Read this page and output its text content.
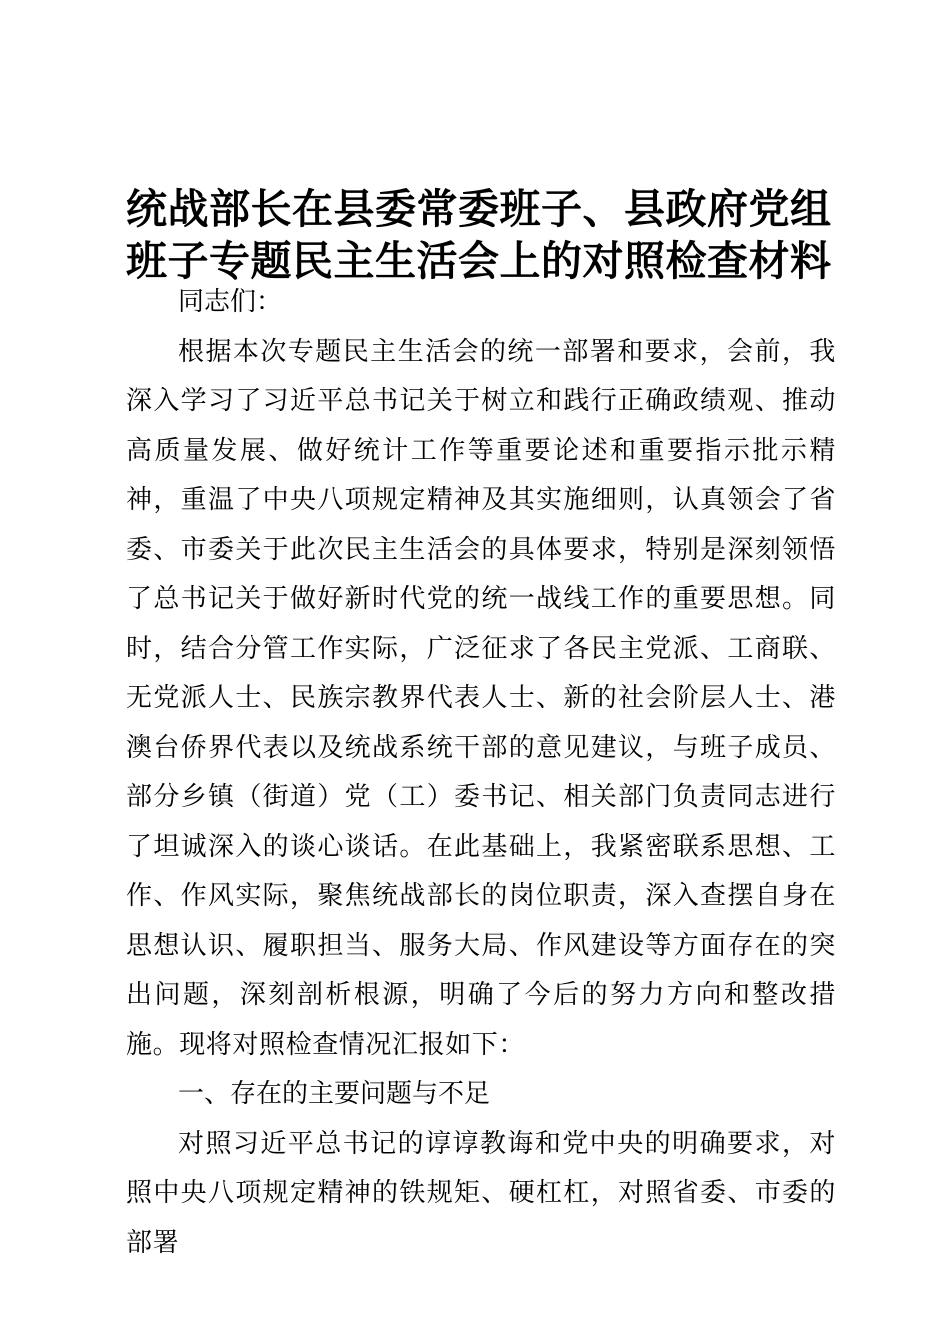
统战部长在县委常委班子、县政府党组
班子专题民主生活会上的对照检查材料

同志们：

根据本次专题民主生活会的统一部署和要求，会前，我深入学习了习近平总书记关于树立和践行正确政绩观、推动高质量发展、做好统计工作等重要论述和重要指示批示精神，重温了中央八项规定精神及其实施细则，认真领会了省委、市委关于此次民主生活会的具体要求，特别是深刻领悟了总书记关于做好新时代党的统一战线工作的重要思想。同时，结合分管工作实际，广泛征求了各民主党派、工商联、无党派人士、民族宗教界代表人士、新的社会阶层人士、港澳台侨界代表以及统战系统干部的意见建议，与班子成员、部分乡镇（街道）党（工）委书记、相关部门负责同志进行了坦诚深入的谈心谈话。在此基础上，我紧密联系思想、工作、作风实际，聚焦统战部长的岗位职责，深入查摆自身在思想认识、履职担当、服务大局、作风建设等方面存在的突出问题，深刻剖析根源，明确了今后的努力方向和整改措施。现将对照检查情况汇报如下：

一、存在的主要问题与不足

对照习近平总书记的谆谆教诲和党中央的明确要求，对照中央八项规定精神的铁规矩、硬杠杠，对照省委、市委的部署
